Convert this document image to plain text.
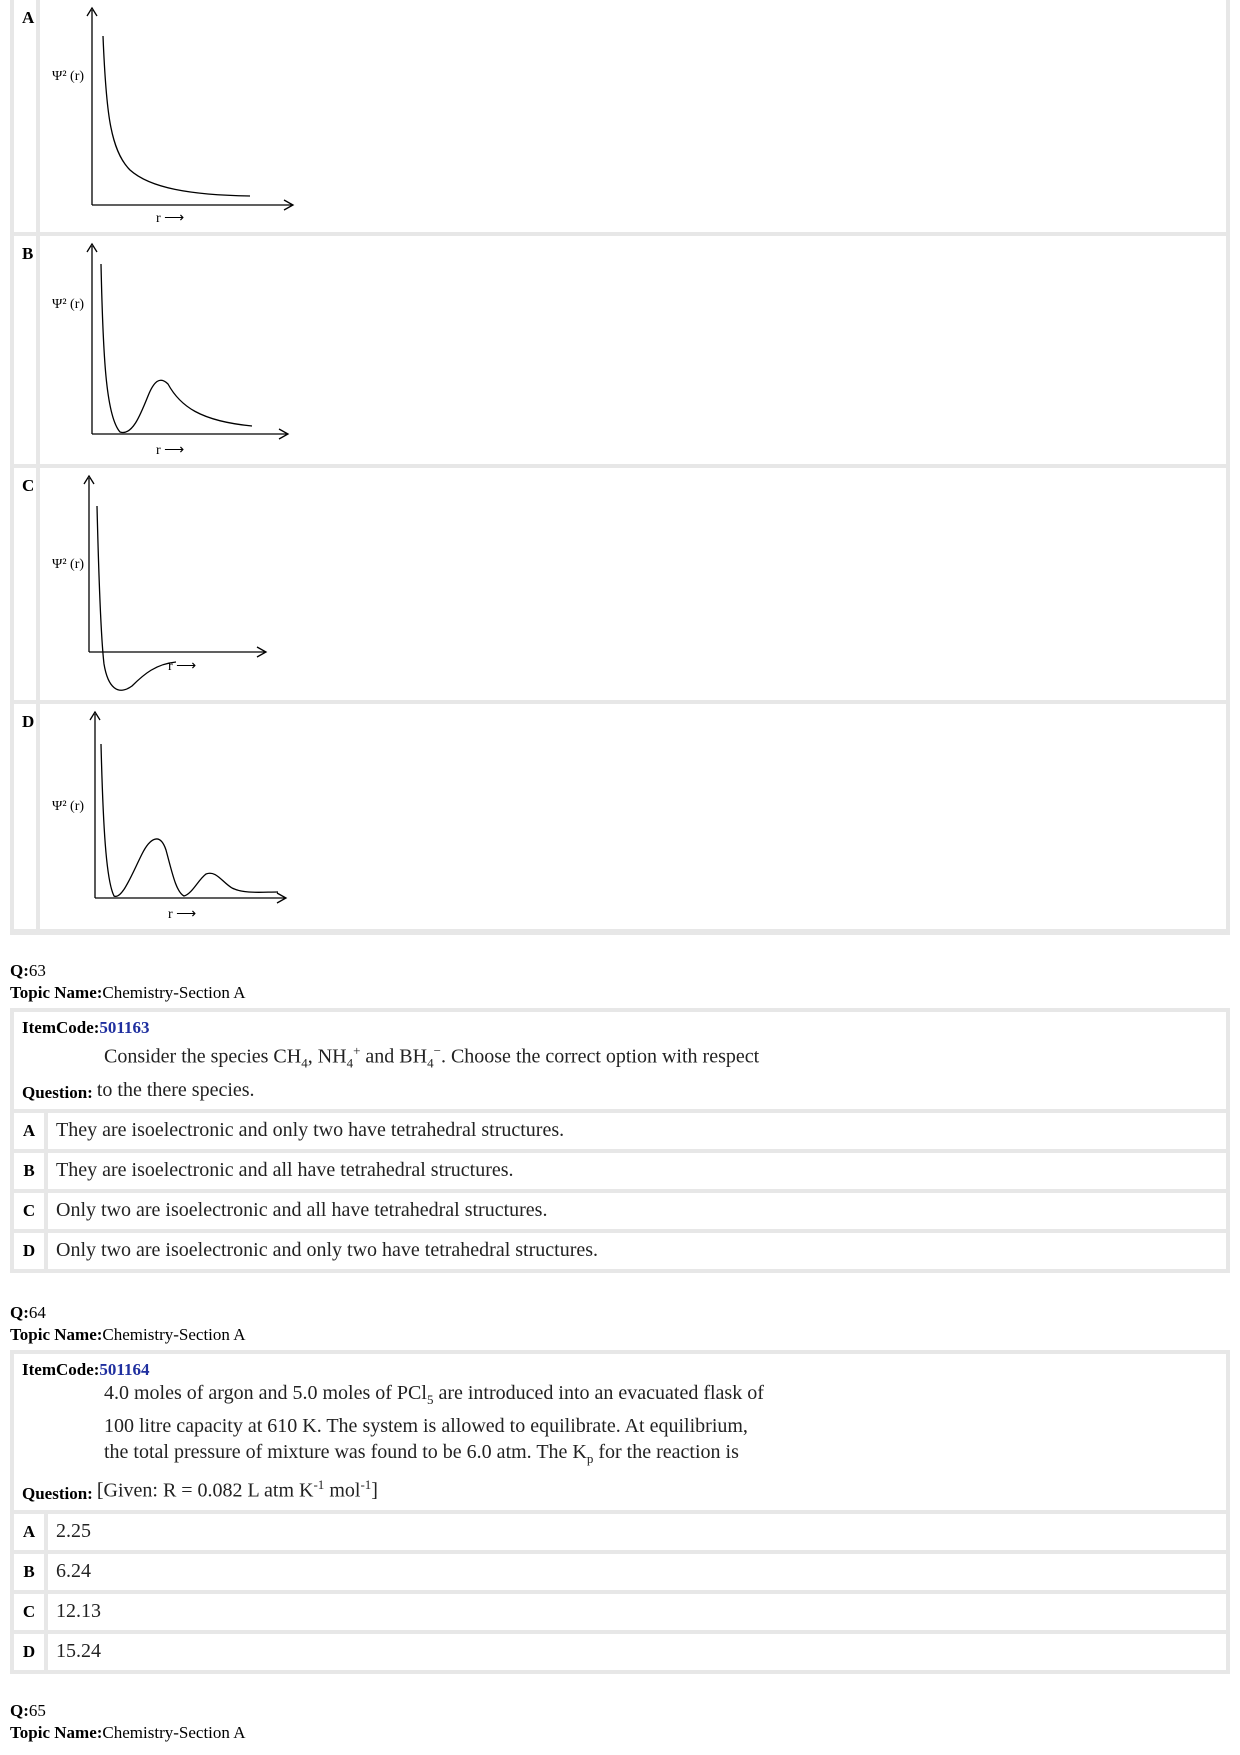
A
Ψ² (r)
r ⟶
B
Ψ² (r)
r ⟶
C
Ψ² (r)
r ⟶
D
Ψ² (r)
r ⟶
Q:63
Topic Name:Chemistry-Section A
ItemCode:501163
Consider the species $CH_4$, $NH_4^+$ and $BH_4^-$. Choose the correct option with respect
Question: to the there species.
A	They are isoelectronic and only two have tetrahedral structures.
B	They are isoelectronic and all have tetrahedral structures.
C	Only two are isoelectronic and all have tetrahedral structures.
D	Only two are isoelectronic and only two have tetrahedral structures.
Q:64
Topic Name:Chemistry-Section A
ItemCode:501164
4.0 moles of argon and 5.0 moles of PCl$_5$ are introduced into an evacuated flask of
100 litre capacity at 610 K. The system is allowed to equilibrate. At equilibrium,
the total pressure of mixture was found to be 6.0 atm. The $K_p$ for the reaction is
Question: [Given: R = 0.082 L atm $K^{-1}$ mol$^{-1}$]
A	2.25
B	6.24
C	12.13
D	15.24
Q:65
Topic Name:Chemistry-Section A
